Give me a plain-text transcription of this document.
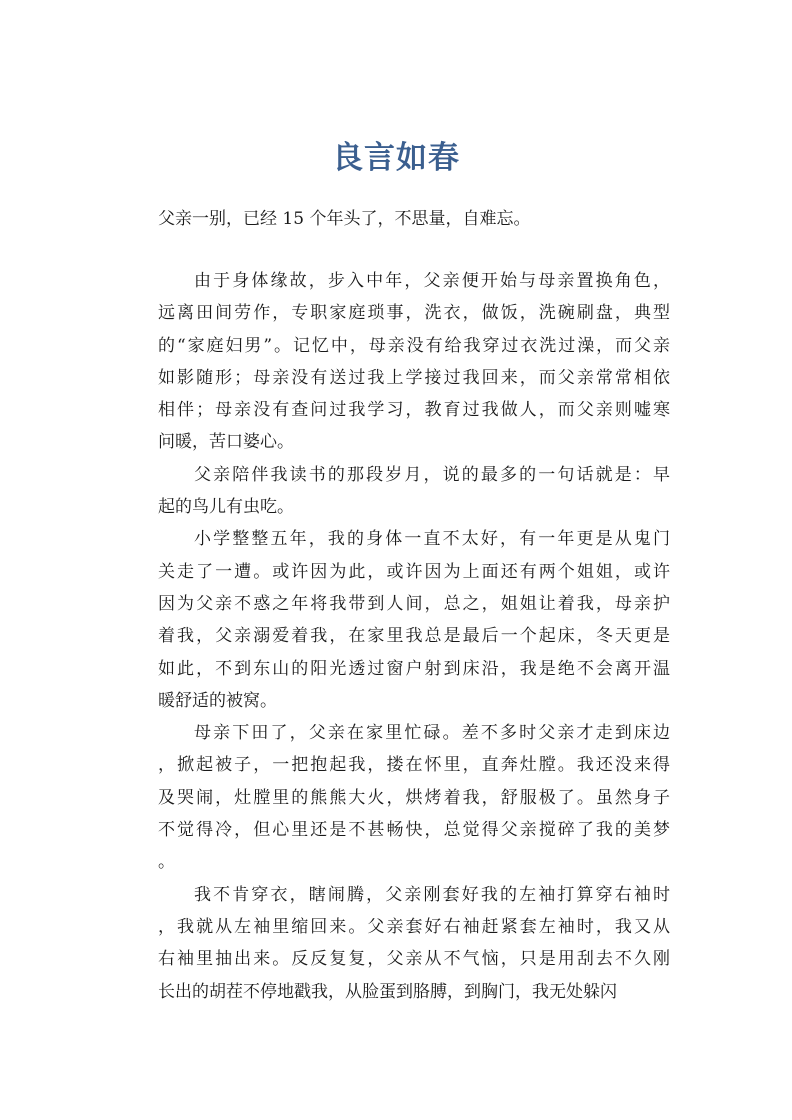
良言如春
父亲一别，已经 15 个年头了，不思量，自难忘。
由于身体缘故，步入中年，父亲便开始与母亲置换角色，
远离田间劳作，专职家庭琐事，洗衣，做饭，洗碗刷盘，典型
的“家庭妇男”。记忆中，母亲没有给我穿过衣洗过澡，而父亲
如影随形；母亲没有送过我上学接过我回来，而父亲常常相依
相伴；母亲没有查问过我学习，教育过我做人，而父亲则嘘寒
问暖，苦口婆心。
父亲陪伴我读书的那段岁月，说的最多的一句话就是：早
起的鸟儿有虫吃。
小学整整五年，我的身体一直不太好，有一年更是从鬼门
关走了一遭。或许因为此，或许因为上面还有两个姐姐，或许
因为父亲不惑之年将我带到人间，总之，姐姐让着我，母亲护
着我，父亲溺爱着我，在家里我总是最后一个起床，冬天更是
如此，不到东山的阳光透过窗户射到床沿，我是绝不会离开温
暖舒适的被窝。
母亲下田了，父亲在家里忙碌。差不多时父亲才走到床边
，掀起被子，一把抱起我，搂在怀里，直奔灶膛。我还没来得
及哭闹，灶膛里的熊熊大火，烘烤着我，舒服极了。虽然身子
不觉得冷，但心里还是不甚畅快，总觉得父亲搅碎了我的美梦
。
我不肯穿衣，瞎闹腾，父亲刚套好我的左袖打算穿右袖时
，我就从左袖里缩回来。父亲套好右袖赶紧套左袖时，我又从
右袖里抽出来。反反复复，父亲从不气恼，只是用刮去不久刚
长出的胡茬不停地戳我，从脸蛋到胳膊，到胸门，我无处躲闪
